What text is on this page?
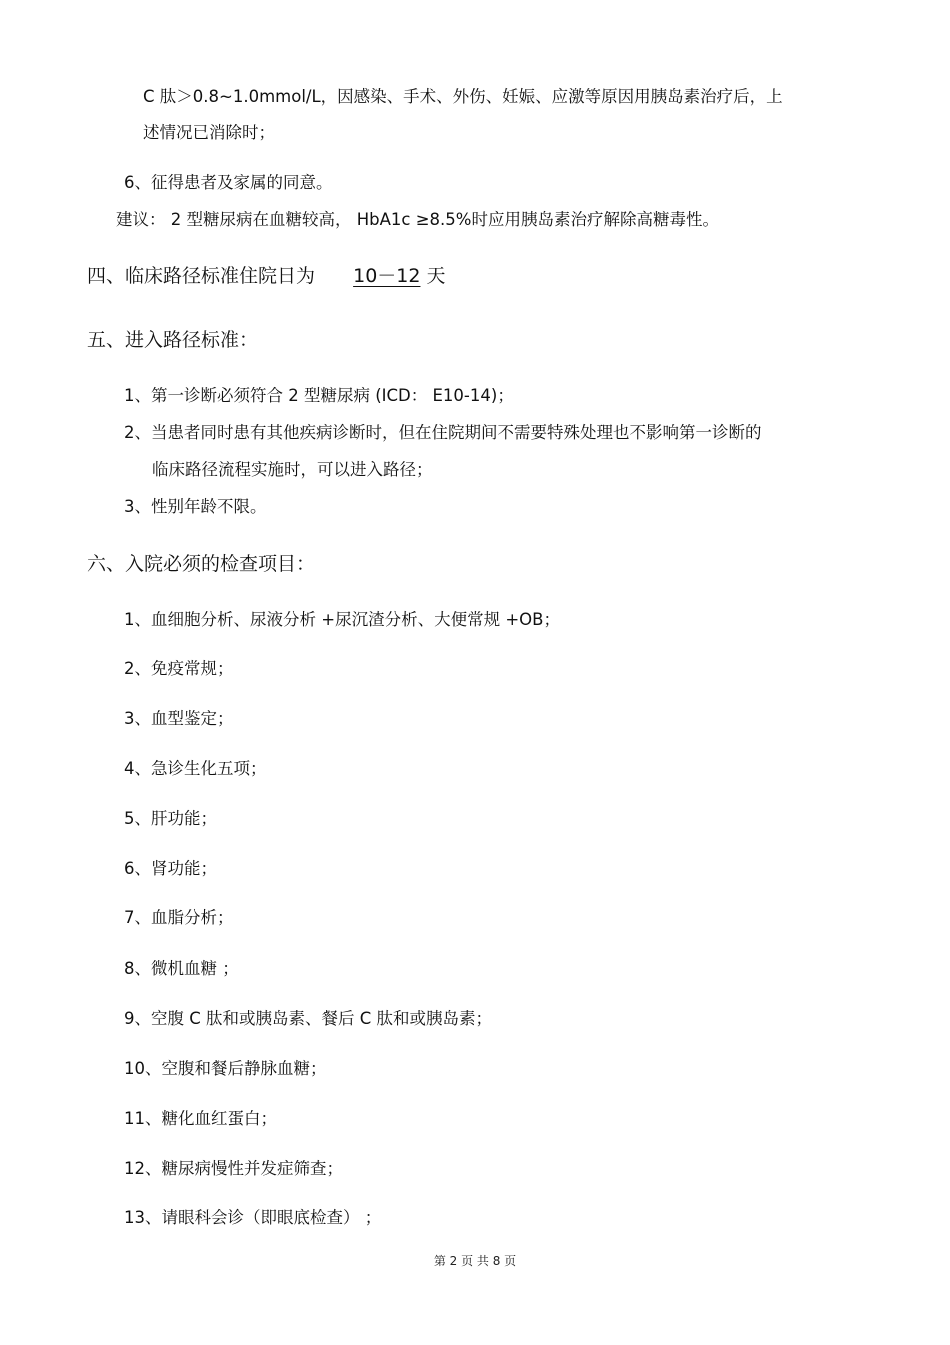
C 肽＞0.8~1.0mmol/L，因感染、手术、外伤、妊娠、应激等原因用胰岛素治疗后，上
述情况已消除时；
6、征得患者及家属的同意。
建议： 2 型糖尿病在血糖较高， HbA1c ≥8.5%时应用胰岛素治疗解除高糖毒性。
四、临床路径标准住院日为 10－12 天
五、进入路径标准：
1、第一诊断必须符合 2 型糖尿病 (ICD： E10-14)；
2、当患者同时患有其他疾病诊断时，但在住院期间不需要特殊处理也不影响第一诊断的
临床路径流程实施时，可以进入路径；
3、性别年龄不限。
六、入院必须的检查项目：
1、血细胞分析、尿液分析 +尿沉渣分析、大便常规 +OB；
2、免疫常规；
3、血型鉴定；
4、急诊生化五项；
5、肝功能；
6、肾功能；
7、血脂分析；
8、微机血糖 ；
9、空腹 C 肽和或胰岛素、餐后 C 肽和或胰岛素；
10、空腹和餐后静脉血糖；
11、糖化血红蛋白；
12、糖尿病慢性并发症筛查；
13、请眼科会诊（即眼底检查） ；
第 2 页 共 8 页
